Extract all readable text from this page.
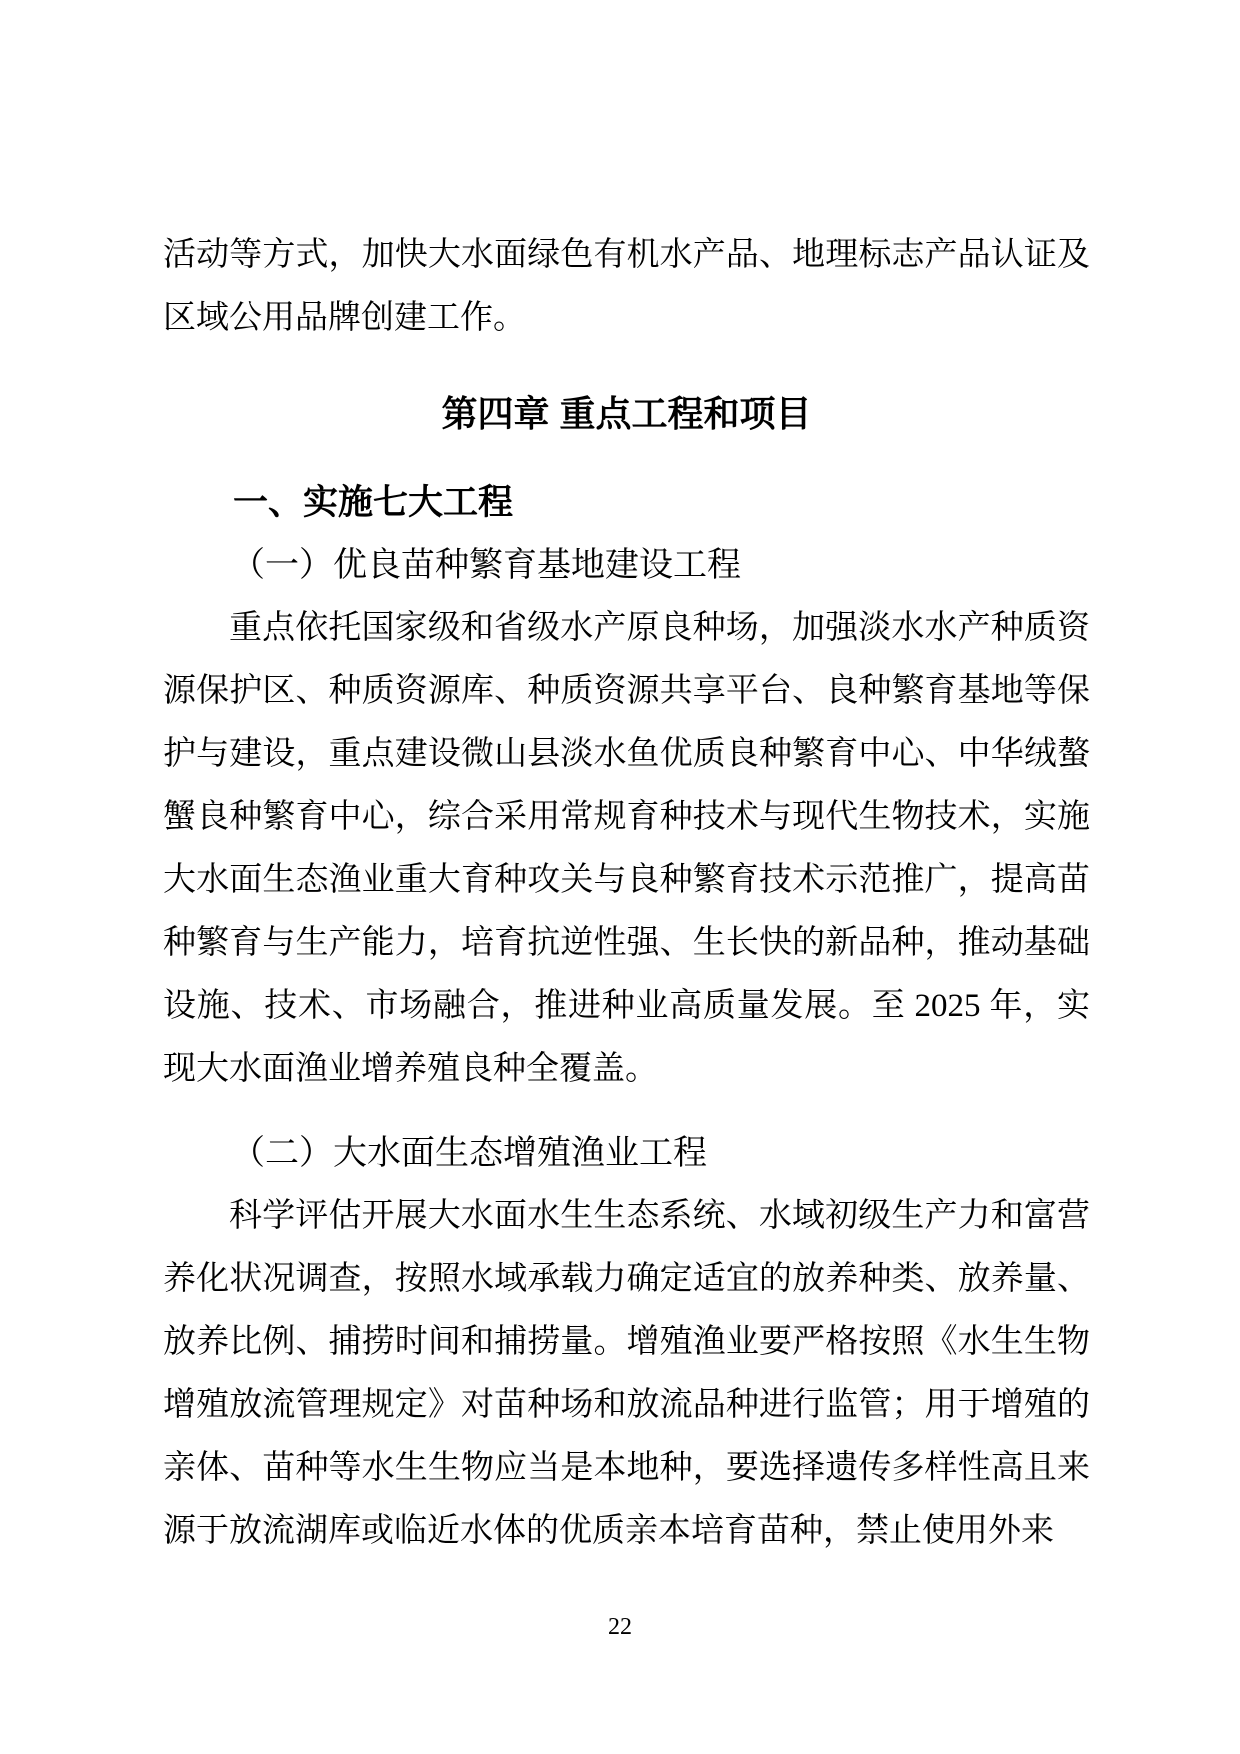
活动等方式，加快大水面绿色有机水产品、地理标志产品认证及区域公用品牌创建工作。

第四章 重点工程和项目
一、实施七大工程
（一）优良苗种繁育基地建设工程

重点依托国家级和省级水产原良种场，加强淡水水产种质资源保护区、种质资源库、种质资源共享平台、良种繁育基地等保护与建设，重点建设微山县淡水鱼优质良种繁育中心、中华绒螯蟹良种繁育中心，综合采用常规育种技术与现代生物技术，实施大水面生态渔业重大育种攻关与良种繁育技术示范推广，提高苗种繁育与生产能力，培育抗逆性强、生长快的新品种，推动基础设施、技术、市场融合，推进种业高质量发展。至 2025 年，实现大水面渔业增养殖良种全覆盖。

（二）大水面生态增殖渔业工程

科学评估开展大水面水生生态系统、水域初级生产力和富营养化状况调查，按照水域承载力确定适宜的放养种类、放养量、放养比例、捕捞时间和捕捞量。增殖渔业要严格按照《水生生物增殖放流管理规定》对苗种场和放流品种进行监管；用于增殖的亲体、苗种等水生生物应当是本地种，要选择遗传多样性高且来源于放流湖库或临近水体的优质亲本培育苗种，禁止使用外来

22
